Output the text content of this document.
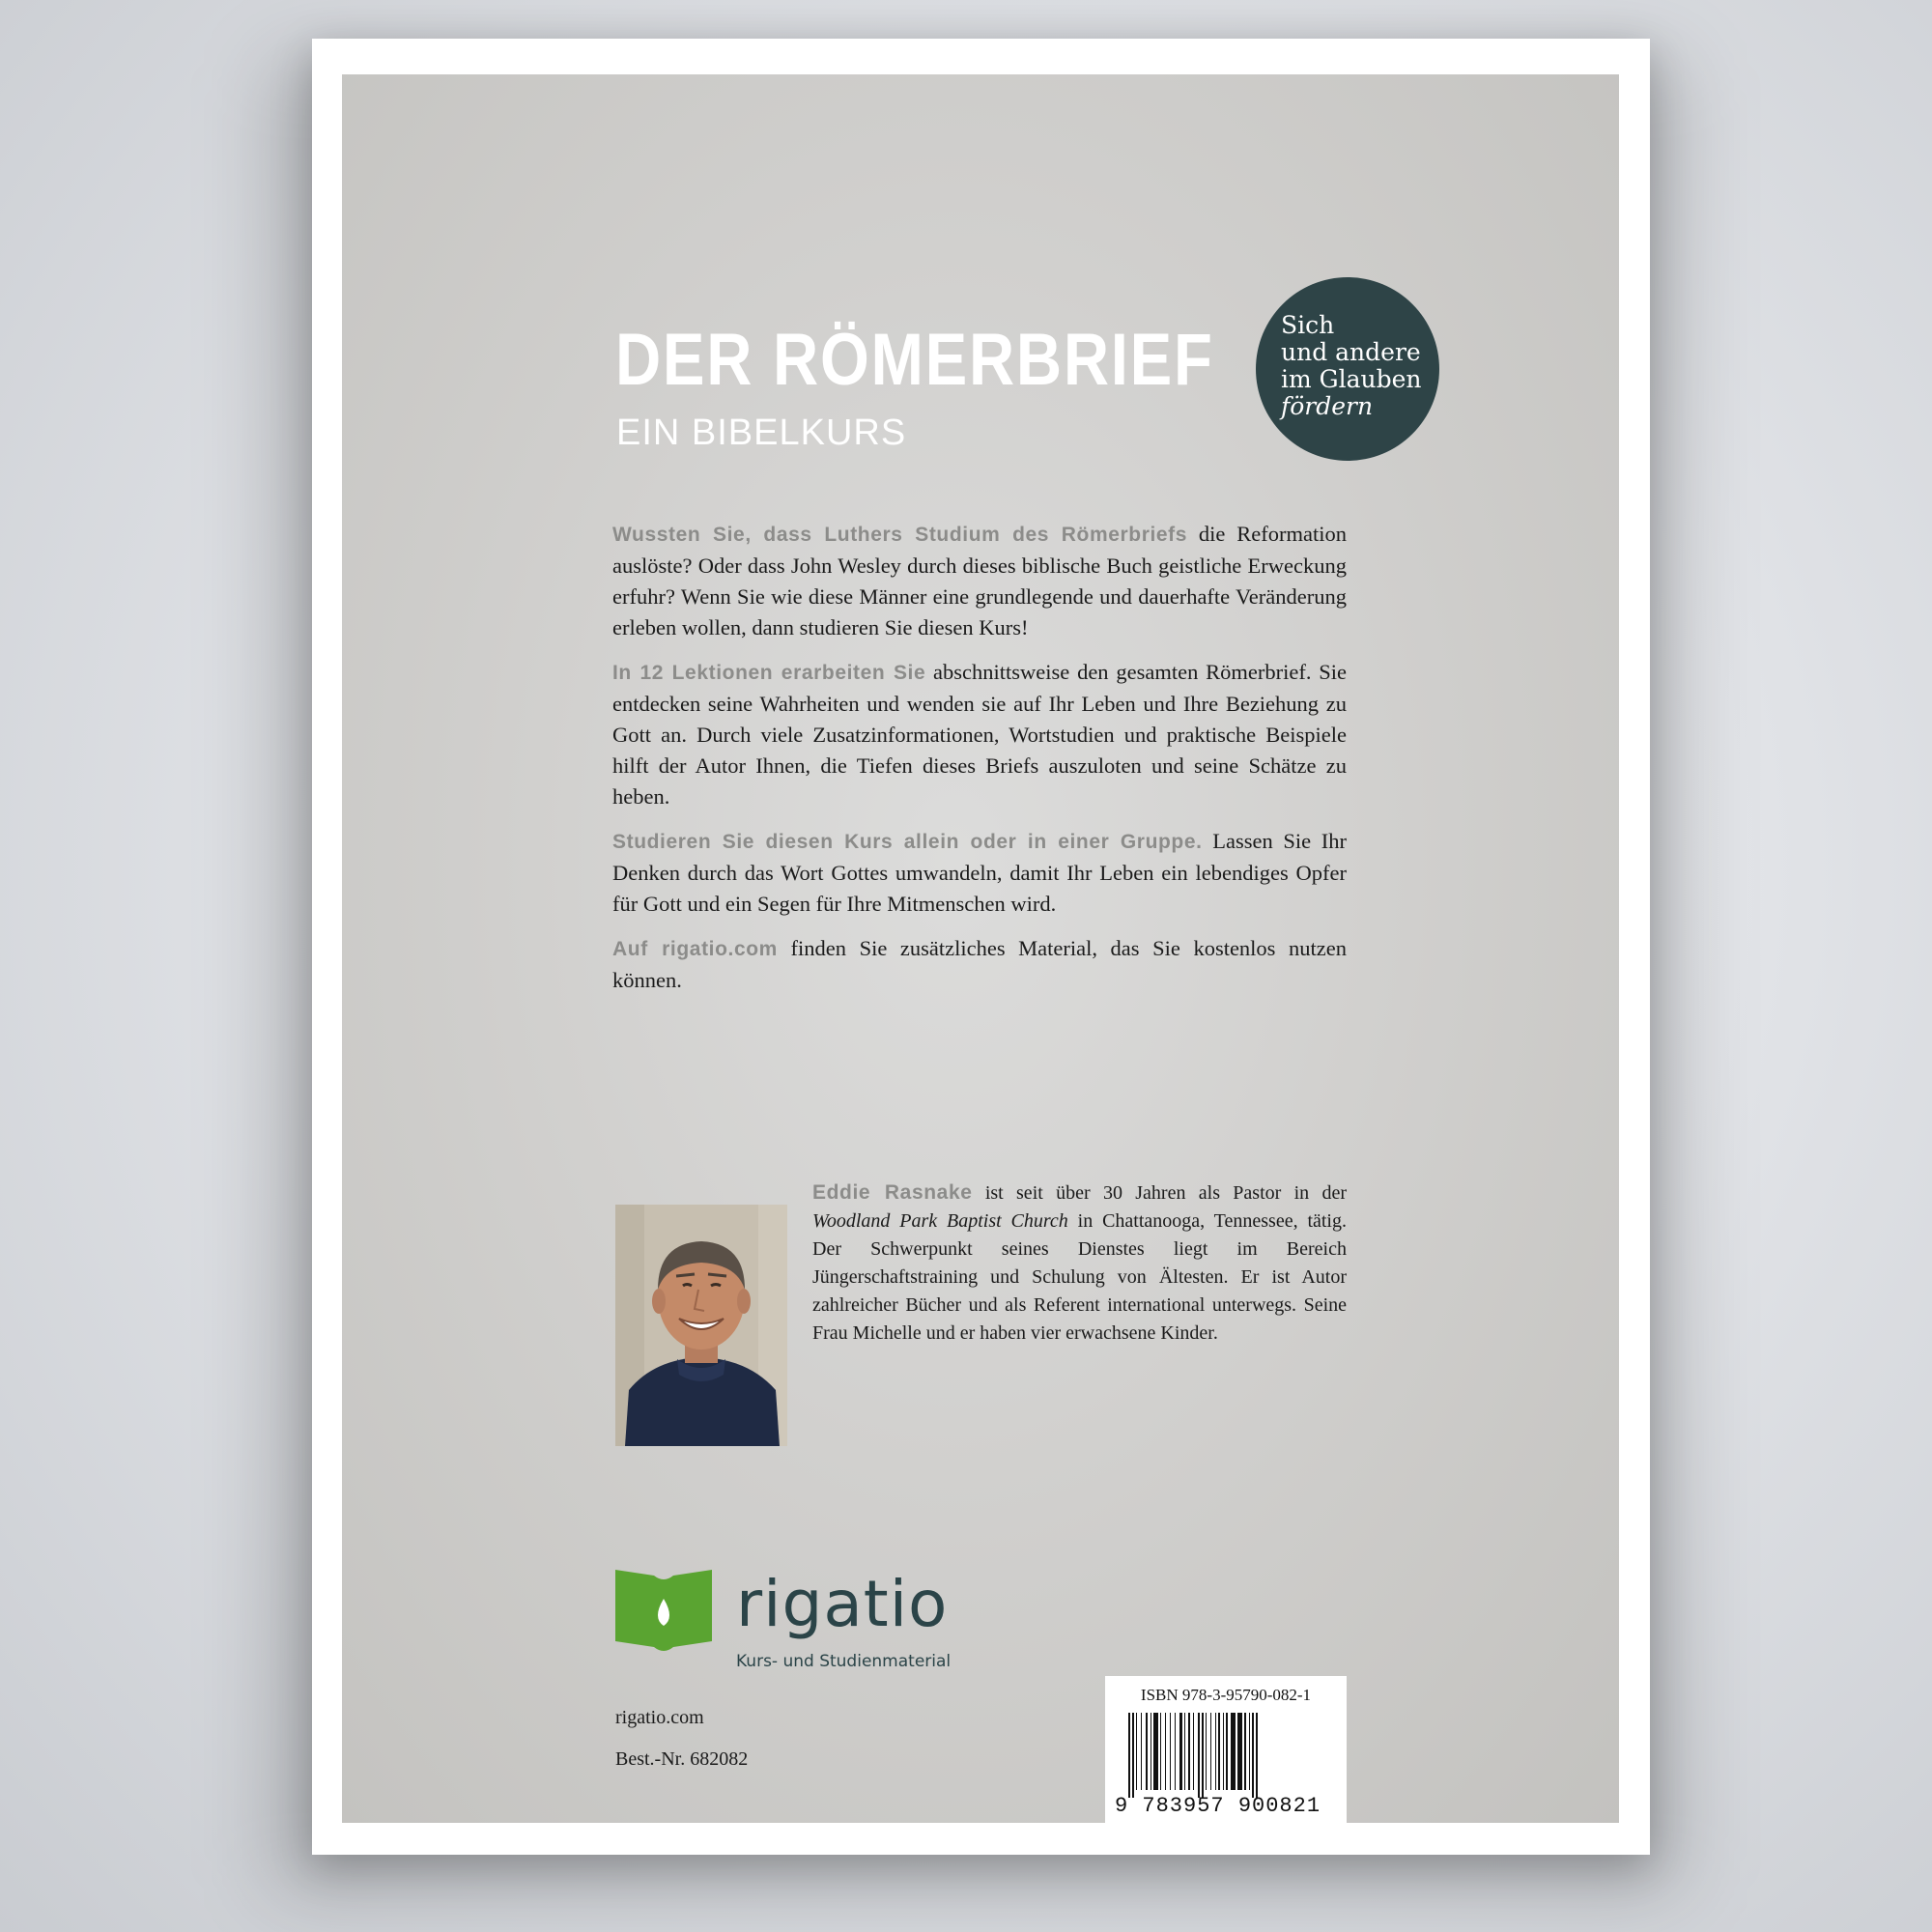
DER RÖMERBRIEF
EIN BIBELKURS
Sich
und andere
im Glauben
fördern

Wussten Sie, dass Luthers Studium des Römerbriefs die Reformation auslöste? Oder dass John Wesley durch dieses biblische Buch geistliche Erweckung erfuhr? Wenn Sie wie diese Männer eine grundlegende und dauerhafte Veränderung erleben wollen, dann studieren Sie diesen Kurs!

In 12 Lektionen erarbeiten Sie abschnittsweise den gesamten Römerbrief. Sie entdecken seine Wahrheiten und wenden sie auf Ihr Leben und Ihre Beziehung zu Gott an. Durch viele Zusatzinformationen, Wortstudien und praktische Beispiele hilft der Autor Ihnen, die Tiefen dieses Briefs auszuloten und seine Schätze zu heben.

Studieren Sie diesen Kurs allein oder in einer Gruppe. Lassen Sie Ihr Denken durch das Wort Gottes umwandeln, damit Ihr Leben ein lebendiges Opfer für Gott und ein Segen für Ihre Mitmenschen wird.

Auf rigatio.com finden Sie zusätzliches Material, das Sie kostenlos nutzen können.

Eddie Rasnake ist seit über 30 Jahren als Pastor in der Woodland Park Baptist Church in Chattanooga, Tennessee, tätig. Der Schwerpunkt seines Dienstes liegt im Bereich Jüngerschaftstraining und Schulung von Ältesten. Er ist Autor zahlreicher Bücher und als Referent international unterwegs. Seine Frau Michelle und er haben vier erwachsene Kinder.

rigatio
Kurs- und Studienmaterial
rigatio.com
Best.-Nr. 682082
ISBN 978-3-95790-082-1
9 783957 900821
